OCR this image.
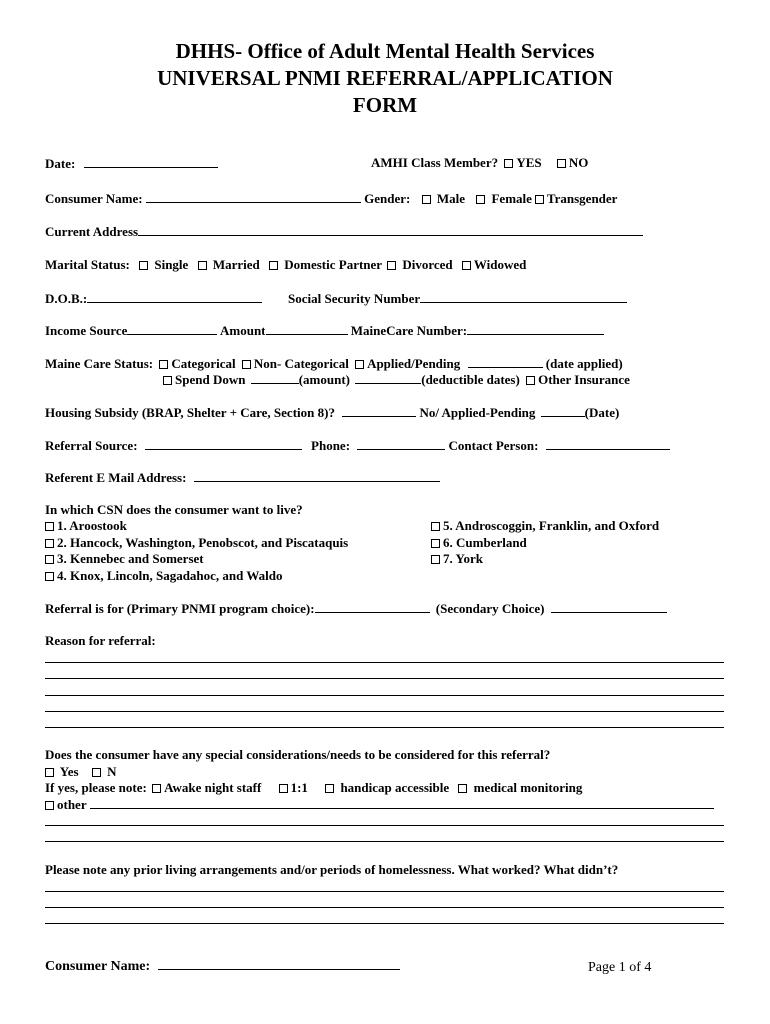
DHHS- Office of Adult Mental Health Services
UNIVERSAL PNMI REFERRAL/APPLICATION
FORM
Date:	AMHI Class Member? YES NO
Consumer Name:	Gender: Male Female Transgender
Current Address
Marital Status: Single Married Domestic Partner Divorced Widowed
D.O.B.:	Social Security Number
Income Source	Amount	MaineCare Number:
Maine Care Status: Categorical Non- Categorical Applied/Pending	(date applied)
Spend Down	(amount)	(deductible dates) Other Insurance
Housing Subsidy (BRAP, Shelter + Care, Section 8)?	No/ Applied-Pending	(Date)
Referral Source:	Phone:	Contact Person:
Referent E Mail Address:
In which CSN does the consumer want to live?
1. Aroostook
2. Hancock, Washington, Penobscot, and Piscataquis
3. Kennebec and Somerset
4. Knox, Lincoln, Sagadahoc, and Waldo
5. Androscoggin, Franklin, and Oxford
6. Cumberland
7. York
Referral is for (Primary PNMI program choice):	(Secondary Choice)
Reason for referral:
Does the consumer have any special considerations/needs to be considered for this referral?
Yes N
If yes, please note: Awake night staff 1:1	handicap accessible medical monitoring
other
Please note any prior living arrangements and/or periods of homelessness. What worked? What didn’t?
Consumer Name:	Page 1 of 4
